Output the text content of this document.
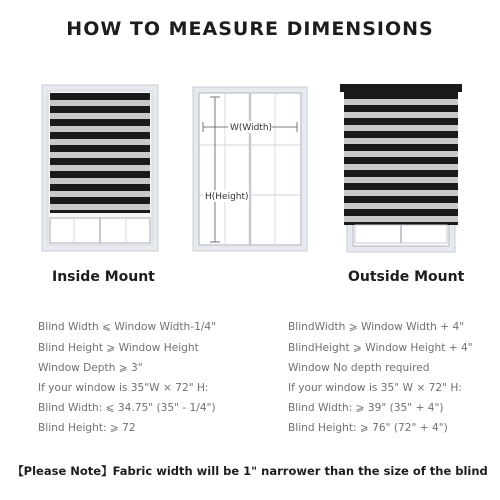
HOW TO MEASURE DIMENSIONS
W(Width)
H(Height)
Inside Mount	Outside Mount
Blind Width ⩽ Window Width-1/4"
Blind Height ⩾ Window Height
Window Depth ⩾ 3"
If your window is 35"W × 72" H:
Blind Width: ⩽ 34.75" (35" - 1/4")
Blind Height: ⩾ 72
BlindWidth ⩾ Window Width + 4"
BlindHeight ⩾ Window Height + 4"
Window No depth required
If your window is 35" W × 72" H:
Blind Width: ⩾ 39" (35" + 4")
Blind Height: ⩾ 76" (72" + 4")
【Please Note】Fabric width will be 1" narrower than the size of the blind
